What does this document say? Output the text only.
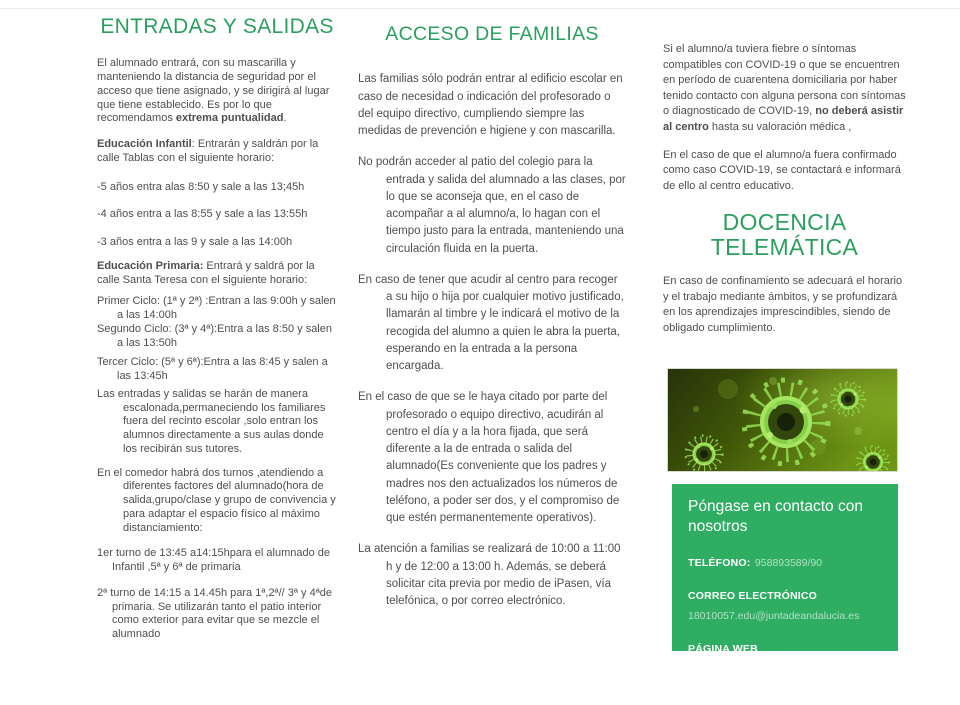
ENTRADAS Y SALIDAS

El alumnado entrará, con su mascarilla y manteniendo la distancia de seguridad por el acceso que tiene asignado, y se dirigirá al lugar que tiene establecido. Es por lo que recomendamos extrema puntualidad.

Educación Infantil: Entrarán y saldrán por la calle Tablas con el siguiente horario:

-5 años entra alas 8:50 y sale a las 13;45h

-4 años entra a las 8:55 y sale a las 13:55h

-3 años entra a las 9 y sale a las 14:00h

Educación Primaria: Entrará y saldrá por la calle Santa Teresa con el siguiente horario:

Primer Ciclo: (1ª y 2ª) :Entran a las 9:00h y salen a las 14:00h

Segundo Ciclo: (3ª y 4ª):Entra a las 8:50 y salen a las 13:50h

Tercer Ciclo: (5ª y 6ª):Entra a las 8:45 y salen a las 13:45h

Las entradas y salidas se harán de manera escalonada,permaneciendo los familiares fuera del recinto escolar ,solo entran los alumnos directamente a sus aulas donde los recibirán sus tutores.

En el comedor habrá dos turnos ,atendiendo a diferentes factores del alumnado(hora de salida,grupo/clase y grupo de convivencia y para adaptar el espacio físico al máximo distanciamiento:

1er turno de 13:45 a14:15hpara el alumnado de Infantil ,5ª y 6ª de primaria

2ª turno de 14:15 a 14.45h para 1ª,2ª// 3ª y 4ªde primaria. Se utilizarán tanto el patio interior como exterior para evitar que se mezcle el alumnado

ACCESO DE FAMILIAS

Las familias sólo podrán entrar al edificio escolar en caso de necesidad o indicación del profesorado o del equipo directivo, cumpliendo siempre las medidas de prevención e higiene y con mascarilla.

No podrán acceder al patio del colegio para la entrada y salida del alumnado a las clases, por lo que se aconseja que, en el caso de acompañar a al alumno/a, lo hagan con el tiempo justo para la entrada, manteniendo una circulación fluida en la puerta.

En caso de tener que acudir al centro para recoger a su hijo o hija por cualquier motivo justificado, llamarán al timbre y le indicará el motivo de la recogida del alumno a quien le abra la puerta, esperando en la entrada a la persona encargada.

En el caso de que se le haya citado por parte del profesorado o equipo directivo, acudirán al centro el día y a la hora fijada, que será diferente a la de entrada o salida del alumnado(Es conveniente que los padres y madres nos den actualizados los números de teléfono, a poder ser dos, y el compromiso de que estén permanentemente operativos).

La atención a familias se realizará de 10:00 a 11:00 h y de 12:00 a 13:00 h. Además, se deberá solicitar cita previa por medio de iPasen, vía telefónica, o por correo electrónico.

Si el alumno/a tuviera fiebre o síntomas compatibles con COVID-19 o que se encuentren en período de cuarentena domiciliaria por haber tenido contacto con alguna persona con síntomas o diagnosticado de COVID-19, no deberá asistir al centro hasta su valoración médica ,

En el caso de que el alumno/a fuera confirmado como caso COVID-19, se contactará e informará de ello al centro educativo.

DOCENCIA TELEMÁTICA

En caso de confinamiento se adecuará el horario y el trabajo mediante ámbitos, y se profundizará en los aprendizajes imprescindibles, siendo de obligado cumplimiento.

Póngase en contacto con nosotros

TELÉFONO: 958893589/90

CORREO ELECTRÓNICO
18010057.edu@juntadeandalucia.es

PÁGINA WEB
https://ceipsanjosegr.wixsite.com/granada
